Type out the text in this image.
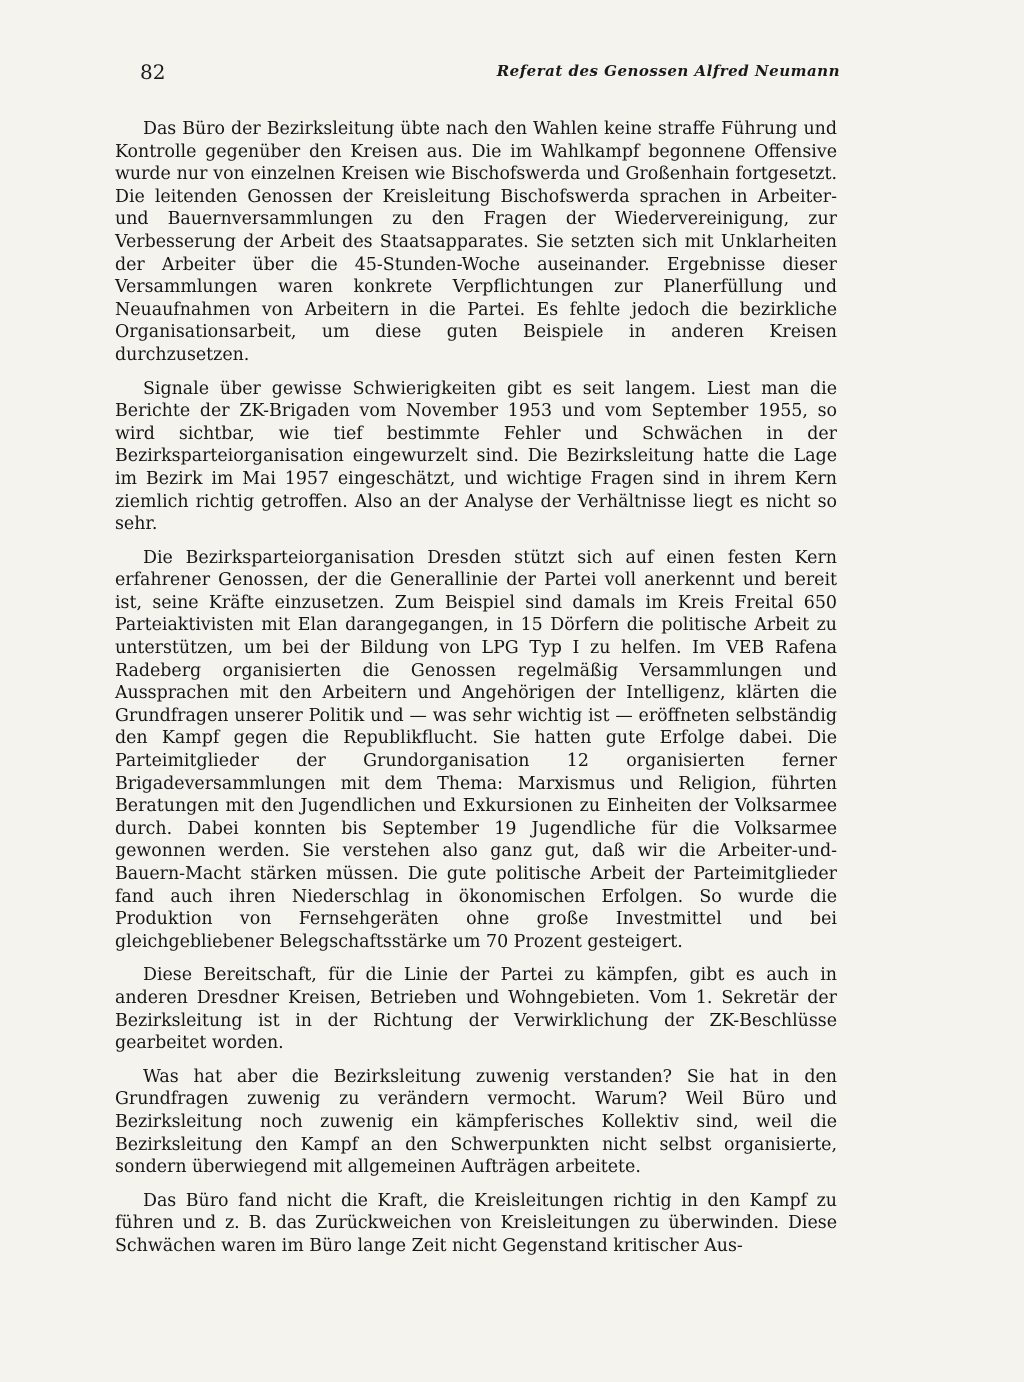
82	Referat des Genossen Alfred Neumann

Das Büro der Bezirksleitung übte nach den Wahlen keine straffe Führung und Kontrolle gegenüber den Kreisen aus. Die im Wahlkampf begonnene Offensive wurde nur von einzelnen Kreisen wie Bischofswerda und Großenhain fortgesetzt. Die leitenden Genossen der Kreisleitung Bischofswerda sprachen in Arbeiter- und Bauernversammlungen zu den Fragen der Wiedervereinigung, zur Verbesserung der Arbeit des Staatsapparates. Sie setzten sich mit Unklarheiten der Arbeiter über die 45-Stunden-Woche auseinander. Ergebnisse dieser Versammlungen waren konkrete Verpflichtungen zur Planerfüllung und Neuaufnahmen von Arbeitern in die Partei. Es fehlte jedoch die bezirkliche Organisationsarbeit, um diese guten Beispiele in anderen Kreisen durchzusetzen.

Signale über gewisse Schwierigkeiten gibt es seit langem. Liest man die Berichte der ZK-Brigaden vom November 1953 und vom September 1955, so wird sichtbar, wie tief bestimmte Fehler und Schwächen in der Bezirksparteiorganisation eingewurzelt sind. Die Bezirksleitung hatte die Lage im Bezirk im Mai 1957 eingeschätzt, und wichtige Fragen sind in ihrem Kern ziemlich richtig getroffen. Also an der Analyse der Verhältnisse liegt es nicht so sehr.

Die Bezirksparteiorganisation Dresden stützt sich auf einen festen Kern erfahrener Genossen, der die Generallinie der Partei voll anerkennt und bereit ist, seine Kräfte einzusetzen. Zum Beispiel sind damals im Kreis Freital 650 Parteiaktivisten mit Elan darangegangen, in 15 Dörfern die politische Arbeit zu unterstützen, um bei der Bildung von LPG Typ I zu helfen. Im VEB Rafena Radeberg organisierten die Genossen regelmäßig Versammlungen und Aussprachen mit den Arbeitern und Angehörigen der Intelligenz, klärten die Grundfragen unserer Politik und — was sehr wichtig ist — eröffneten selbständig den Kampf gegen die Republikflucht. Sie hatten gute Erfolge dabei. Die Parteimitglieder der Grundorganisation 12 organisierten ferner Brigadeversammlungen mit dem Thema: Marxismus und Religion, führten Beratungen mit den Jugendlichen und Exkursionen zu Einheiten der Volksarmee durch. Dabei konnten bis September 19 Jugendliche für die Volksarmee gewonnen werden. Sie verstehen also ganz gut, daß wir die Arbeiter-und-Bauern-Macht stärken müssen. Die gute politische Arbeit der Parteimitglieder fand auch ihren Niederschlag in ökonomischen Erfolgen. So wurde die Produktion von Fernsehgeräten ohne große Investmittel und bei gleichgebliebener Belegschaftsstärke um 70 Prozent gesteigert.

Diese Bereitschaft, für die Linie der Partei zu kämpfen, gibt es auch in anderen Dresdner Kreisen, Betrieben und Wohngebieten. Vom 1. Sekretär der Bezirksleitung ist in der Richtung der Verwirklichung der ZK-Beschlüsse gearbeitet worden.

Was hat aber die Bezirksleitung zuwenig verstanden? Sie hat in den Grundfragen zuwenig zu verändern vermocht. Warum? Weil Büro und Bezirksleitung noch zuwenig ein kämpferisches Kollektiv sind, weil die Bezirksleitung den Kampf an den Schwerpunkten nicht selbst organisierte, sondern überwiegend mit allgemeinen Aufträgen arbeitete.

Das Büro fand nicht die Kraft, die Kreisleitungen richtig in den Kampf zu führen und z. B. das Zurückweichen von Kreisleitungen zu überwinden. Diese Schwächen waren im Büro lange Zeit nicht Gegenstand kritischer Aus-
